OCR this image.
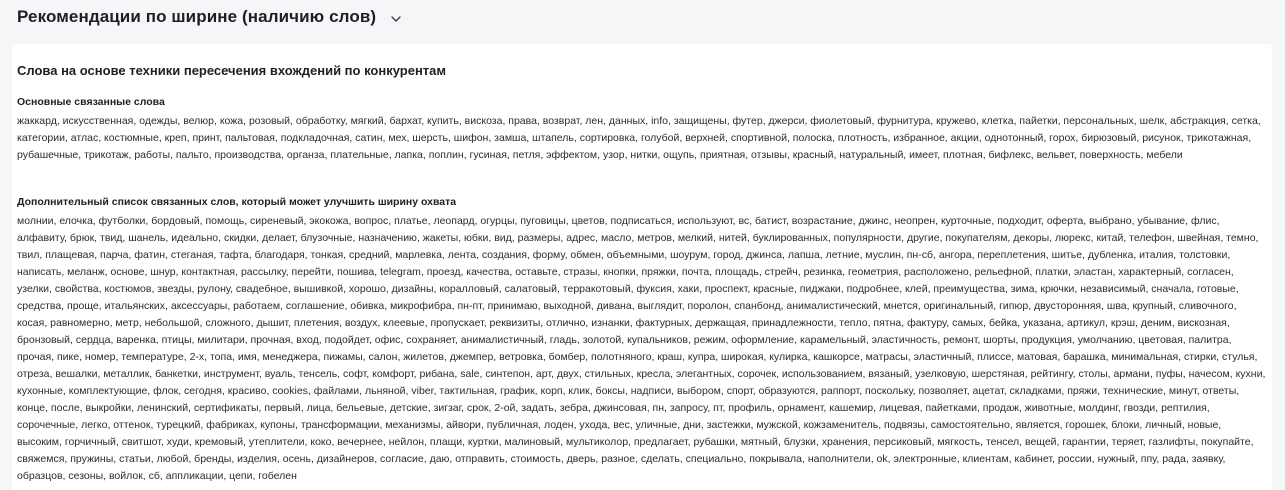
Рекомендации по ширине (наличию слов)
Слова на основе техники пересечения вхождений по конкурентам
Основные связанные слова
жаккард, искусственная, одежды, велюр, кожа, розовый, обработку, мягкий, бархат, купить, вискоза, права, возврат, лен, данных, info, защищены, футер, джерси, фиолетовый, фурнитура, кружево, клетка, пайетки, персональных, шелк, абстракция, сетка, категории, атлас, костюмные, креп, принт, пальтовая, подкладочная, сатин, мех, шерсть, шифон, замша, штапель, сортировка, голубой, верхней, спортивной, полоска, плотность, избранное, акции, однотонный, горох, бирюзовый, рисунок, трикотажная, рубашечные, трикотаж, работы, пальто, производства, органза, плательные, лапка, поплин, гусиная, петля, эффектом, узор, нитки, ощупь, приятная, отзывы, красный, натуральный, имеет, плотная, бифлекс, вельвет, поверхность, мебели
Дополнительный список связанных слов, который может улучшить ширину охвата
молнии, елочка, футболки, бордовый, помощь, сиреневый, экокожа, вопрос, платье, леопард, огурцы, пуговицы, цветов, подписаться, используют, вс, батист, возрастание, джинс, неопрен, курточные, подходит, оферта, выбрано, убывание, флис, алфавиту, брюк, твид, шанель, идеально, скидки, делает, блузочные, назначению, жакеты, юбки, вид, размеры, адрес, масло, метров, мелкий, нитей, буклированных, популярности, другие, покупателям, декоры, люрекс, китай, телефон, швейная, темно, твил, плащевая, парча, фатин, стеганая, тафта, благодаря, тонкая, средний, марлевка, лента, создания, форму, обмен, объемными, шоурум, город, джинса, лапша, летние, муслин, пн-сб, ангора, переплетения, шитье, дубленка, италия, толстовки, написать, меланж, основе, шнур, контактная, рассылку, перейти, пошива, telegram, проезд, качества, оставьте, стразы, кнопки, пряжки, почта, площадь, стрейч, резинка, геометрия, расположено, рельефной, платки, эластан, характерный, согласен, узелки, свойства, костюмов, звезды, рулону, свадебное, вышивкой, хорошо, дизайны, коралловый, салатовый, терракотовый, фуксия, хаки, проспект, красные, пиджаки, подробнее, клей, преимущества, зима, крючки, независимый, сначала, готовые, средства, проще, итальянских, аксессуары, работаем, соглашение, обивка, микрофибра, пн-пт, принимаю, выходной, дивана, выглядит, поролон, спанбонд, анималистический, мнется, оригинальный, гипюр, двусторонняя, шва, крупный, сливочного, косая, равномерно, метр, небольшой, сложного, дышит, плетения, воздух, клеевые, пропускает, реквизиты, отлично, изнанки, фактурных, держащая, принадлежности, тепло, пятна, фактуру, самых, бейка, указана, артикул, крэш, деним, вискозная, бронзовый, сердца, варенка, птицы, милитари, прочная, вход, подойдет, офис, сохраняет, анималистичный, гладь, золотой, купальников, режим, оформление, карамельный, эластичность, ремонт, шорты, продукция, умолчанию, цветовая, палитра, прочая, пике, номер, температуре, 2-х, топа, имя, менеджера, пижамы, салон, жилетов, джемпер, ветровка, бомбер, полотняного, краш, купра, широкая, кулирка, кашкорсе, матрасы, эластичный, плиссе, матовая, барашка, минимальная, стирки, стулья, отреза, вешалки, металлик, банкетки, инструмент, вуаль, тенсель, софт, комфорт, рибана, sale, синтепон, арт, двух, стильных, кресла, элегантных, сорочек, использованием, вязаный, узелковую, шерстяная, рейтингу, столы, армани, пуфы, начесом, кухни, кухонные, комплектующие, флок, сегодня, красиво, cookies, файлами, льняной, viber, тактильная, график, корп, клик, боксы, надписи, выбором, спорт, образуются, раппорт, поскольку, позволяет, ацетат, складками, пряжи, технические, минут, ответы, конце, после, выкройки, ленинский, сертификаты, первый, лица, бельевые, детские, зигзаг, срок, 2-ой, задать, зебра, джинсовая, пн, запросу, пт, профиль, орнамент, кашемир, лицевая, пайетками, продаж, животные, молдинг, гвозди, рептилия, сорочечные, легко, оттенок, турецкий, фабриках, купоны, трансформации, механизмы, айвори, публичная, лоден, ухода, вес, уличные, дни, застежки, мужской, кожзаменитель, подвязы, самостоятельно, является, горошек, блоки, личный, новые, высоким, горчичный, свитшот, худи, кремовый, утеплители, коко, вечернее, нейлон, плащи, куртки, малиновый, мультиколор, предлагает, рубашки, мятный, блузки, хранения, персиковый, мягкость, тенсел, вещей, гарантии, теряет, газлифты, покупайте, свяжемся, пружины, статьи, любой, бренды, изделия, осень, дизайнеров, согласие, даю, отправить, стоимость, дверь, разное, сделать, специально, покрывала, наполнители, ok, электронные, клиентам, кабинет, россии, нужный, ппу, рада, заявку, образцов, сезоны, войлок, сб, аппликации, цепи, гобелен
